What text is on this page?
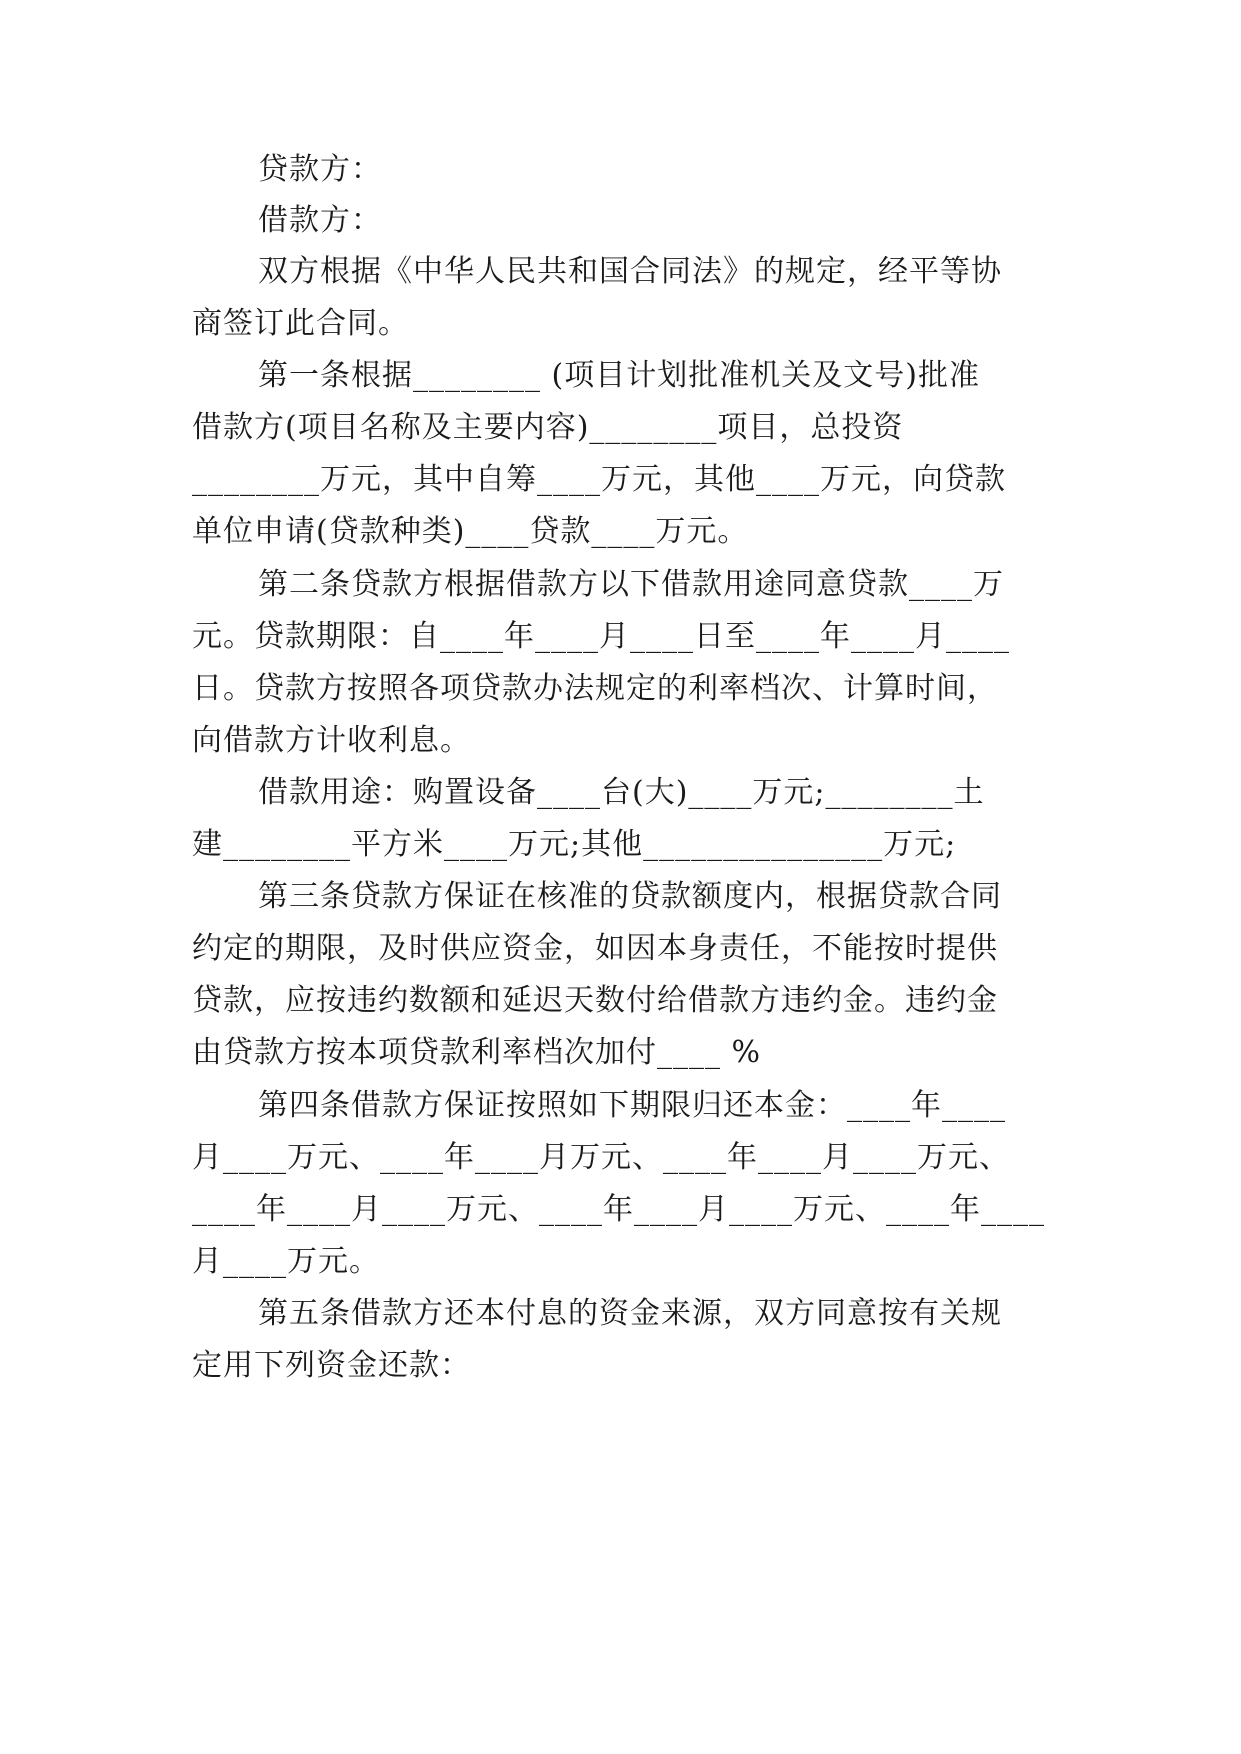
贷款方：
借款方：
双方根据《中华人民共和国合同法》的规定，经平等协
商签订此合同。
第一条根据________ (项目计划批准机关及文号)批准
借款方(项目名称及主要内容)________项目，总投资
________万元，其中自筹____万元，其他____万元，向贷款
单位申请(贷款种类)____贷款____万元。
第二条贷款方根据借款方以下借款用途同意贷款____万
元。贷款期限：自____年____月____日至____年____月____
日。贷款方按照各项贷款办法规定的利率档次、计算时间，
向借款方计收利息。
借款用途：购置设备____台(大)____万元;________土
建________平方米____万元;其他_______________万元;
第三条贷款方保证在核准的贷款额度内，根据贷款合同
约定的期限，及时供应资金，如因本身责任，不能按时提供
贷款，应按违约数额和延迟天数付给借款方违约金。违约金
由贷款方按本项贷款利率档次加付____ %
第四条借款方保证按照如下期限归还本金：____年____
月____万元、____年____月万元、____年____月____万元、
____年____月____万元、____年____月____万元、____年____
月____万元。
第五条借款方还本付息的资金来源，双方同意按有关规
定用下列资金还款：
